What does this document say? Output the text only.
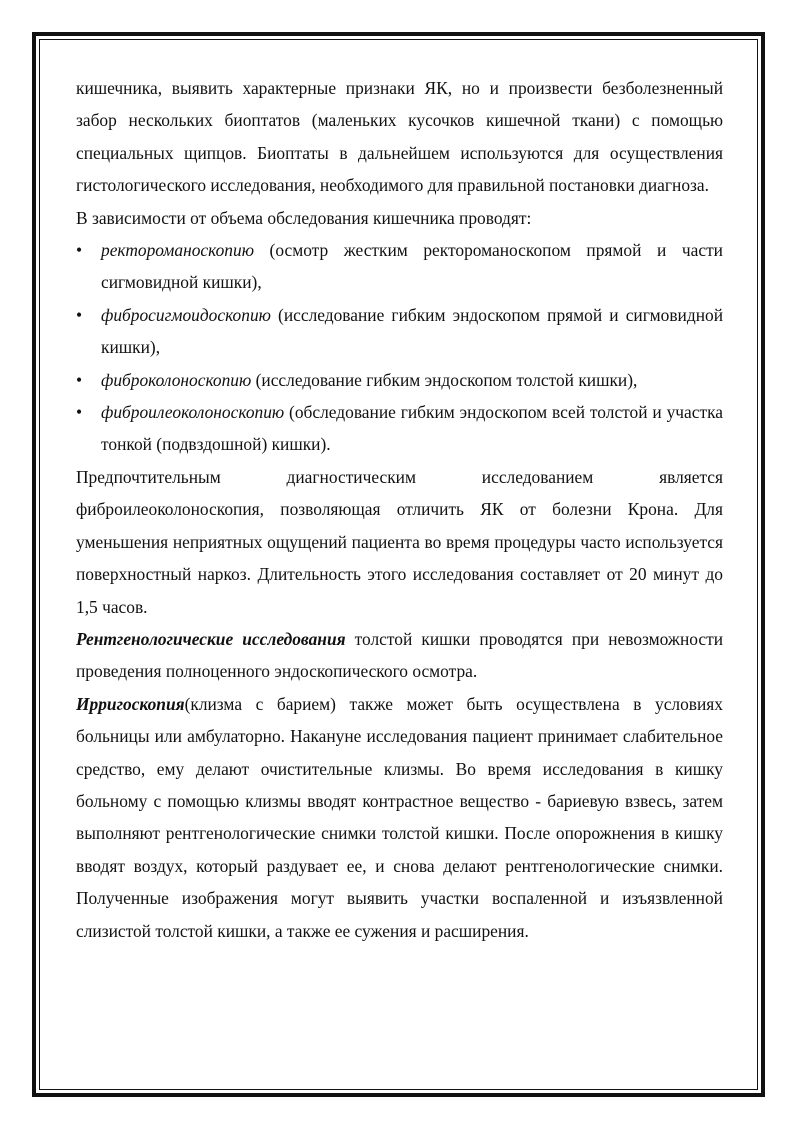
кишечника, выявить характерные признаки ЯК, но и произвести безболезненный забор нескольких биоптатов (маленьких кусочков кишечной ткани) с помощью специальных щипцов. Биоптаты в дальнейшем используются для осуществления гистологического исследования, необходимого для правильной постановки диагноза.

В зависимости от объема обследования кишечника проводят:

•	ректороманоскопию (осмотр жестким ректороманоскопом прямой и части сигмовидной кишки),
•	фибросигмоидоскопию (исследование гибким эндоскопом прямой и сигмовидной кишки),
•	фиброколоноскопию (исследование гибким эндоскопом толстой кишки),
•	фиброилеоколоноскопию (обследование гибким эндоскопом всей толстой и участка тонкой (подвздошной) кишки).

Предпочтительным диагностическим исследованием является фиброилеоколоноскопия, позволяющая отличить ЯК от болезни Крона. Для уменьшения неприятных ощущений пациента во время процедуры часто используется поверхностный наркоз. Длительность этого исследования составляет от 20 минут до 1,5 часов.

Рентгенологические исследования толстой кишки проводятся при невозможности проведения полноценного эндоскопического осмотра.

Ирригоскопия(клизма с барием) также может быть осуществлена в условиях больницы или амбулаторно. Накануне исследования пациент принимает слабительное средство, ему делают очистительные клизмы. Во время исследования в кишку больному с помощью клизмы вводят контрастное вещество - бариевую взвесь, затем выполняют рентгенологические снимки толстой кишки. После опорожнения в кишку вводят воздух, который раздувает ее, и снова делают рентгенологические снимки. Полученные изображения могут выявить участки воспаленной и изъязвленной слизистой толстой кишки, а также ее сужения и расширения.
